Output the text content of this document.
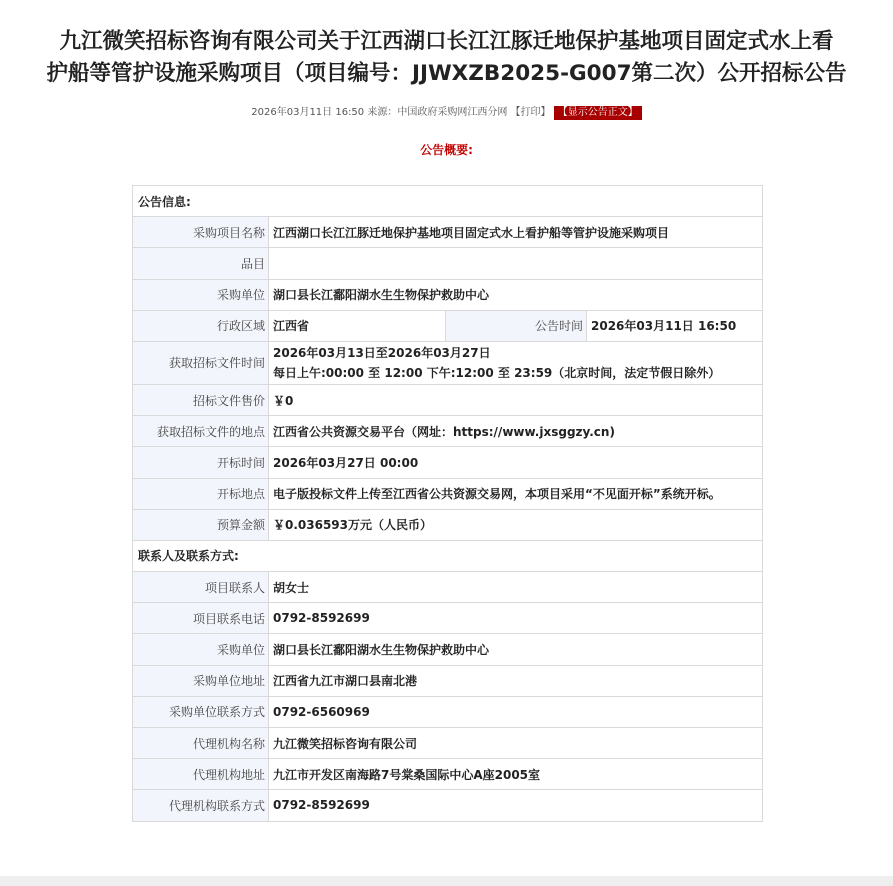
九江微笑招标咨询有限公司关于江西湖口长江江豚迁地保护基地项目固定式水上看
护船等管护设施采购项目（项目编号：JJWXZB2025-G007第二次）公开招标公告
2026年03月11日 16:50 来源：中国政府采购网江西分网 【打印】 【显示公告正文】
公告概要:
公告信息:			
采购项目名称	江西湖口长江江豚迁地保护基地项目固定式水上看护船等管护设施采购项目		
品目			
采购单位	湖口县长江鄱阳湖水生生物保护救助中心		
行政区域	江西省	公告时间	2026年03月11日 16:50
获取招标文件时间	2026年03月13日至2026年03月27日
每日上午:00:00 至 12:00 下午:12:00 至 23:59（北京时间，法定节假日除外）		
招标文件售价	￥0		
获取招标文件的地点	江西省公共资源交易平台（网址：https://www.jxsggzy.cn)		
开标时间	2026年03月27日 00:00		
开标地点	电子版投标文件上传至江西省公共资源交易网，本项目采用“不见面开标”系统开标。		
预算金额	￥0.036593万元（人民币）		
联系人及联系方式:			
项目联系人	胡女士		
项目联系电话	0792-8592699		
采购单位	湖口县长江鄱阳湖水生生物保护救助中心		
采购单位地址	江西省九江市湖口县南北港		
采购单位联系方式	0792-6560969		
代理机构名称	九江微笑招标咨询有限公司		
代理机构地址	九江市开发区南海路7号棠桑国际中心A座2005室		
代理机构联系方式	0792-8592699		
